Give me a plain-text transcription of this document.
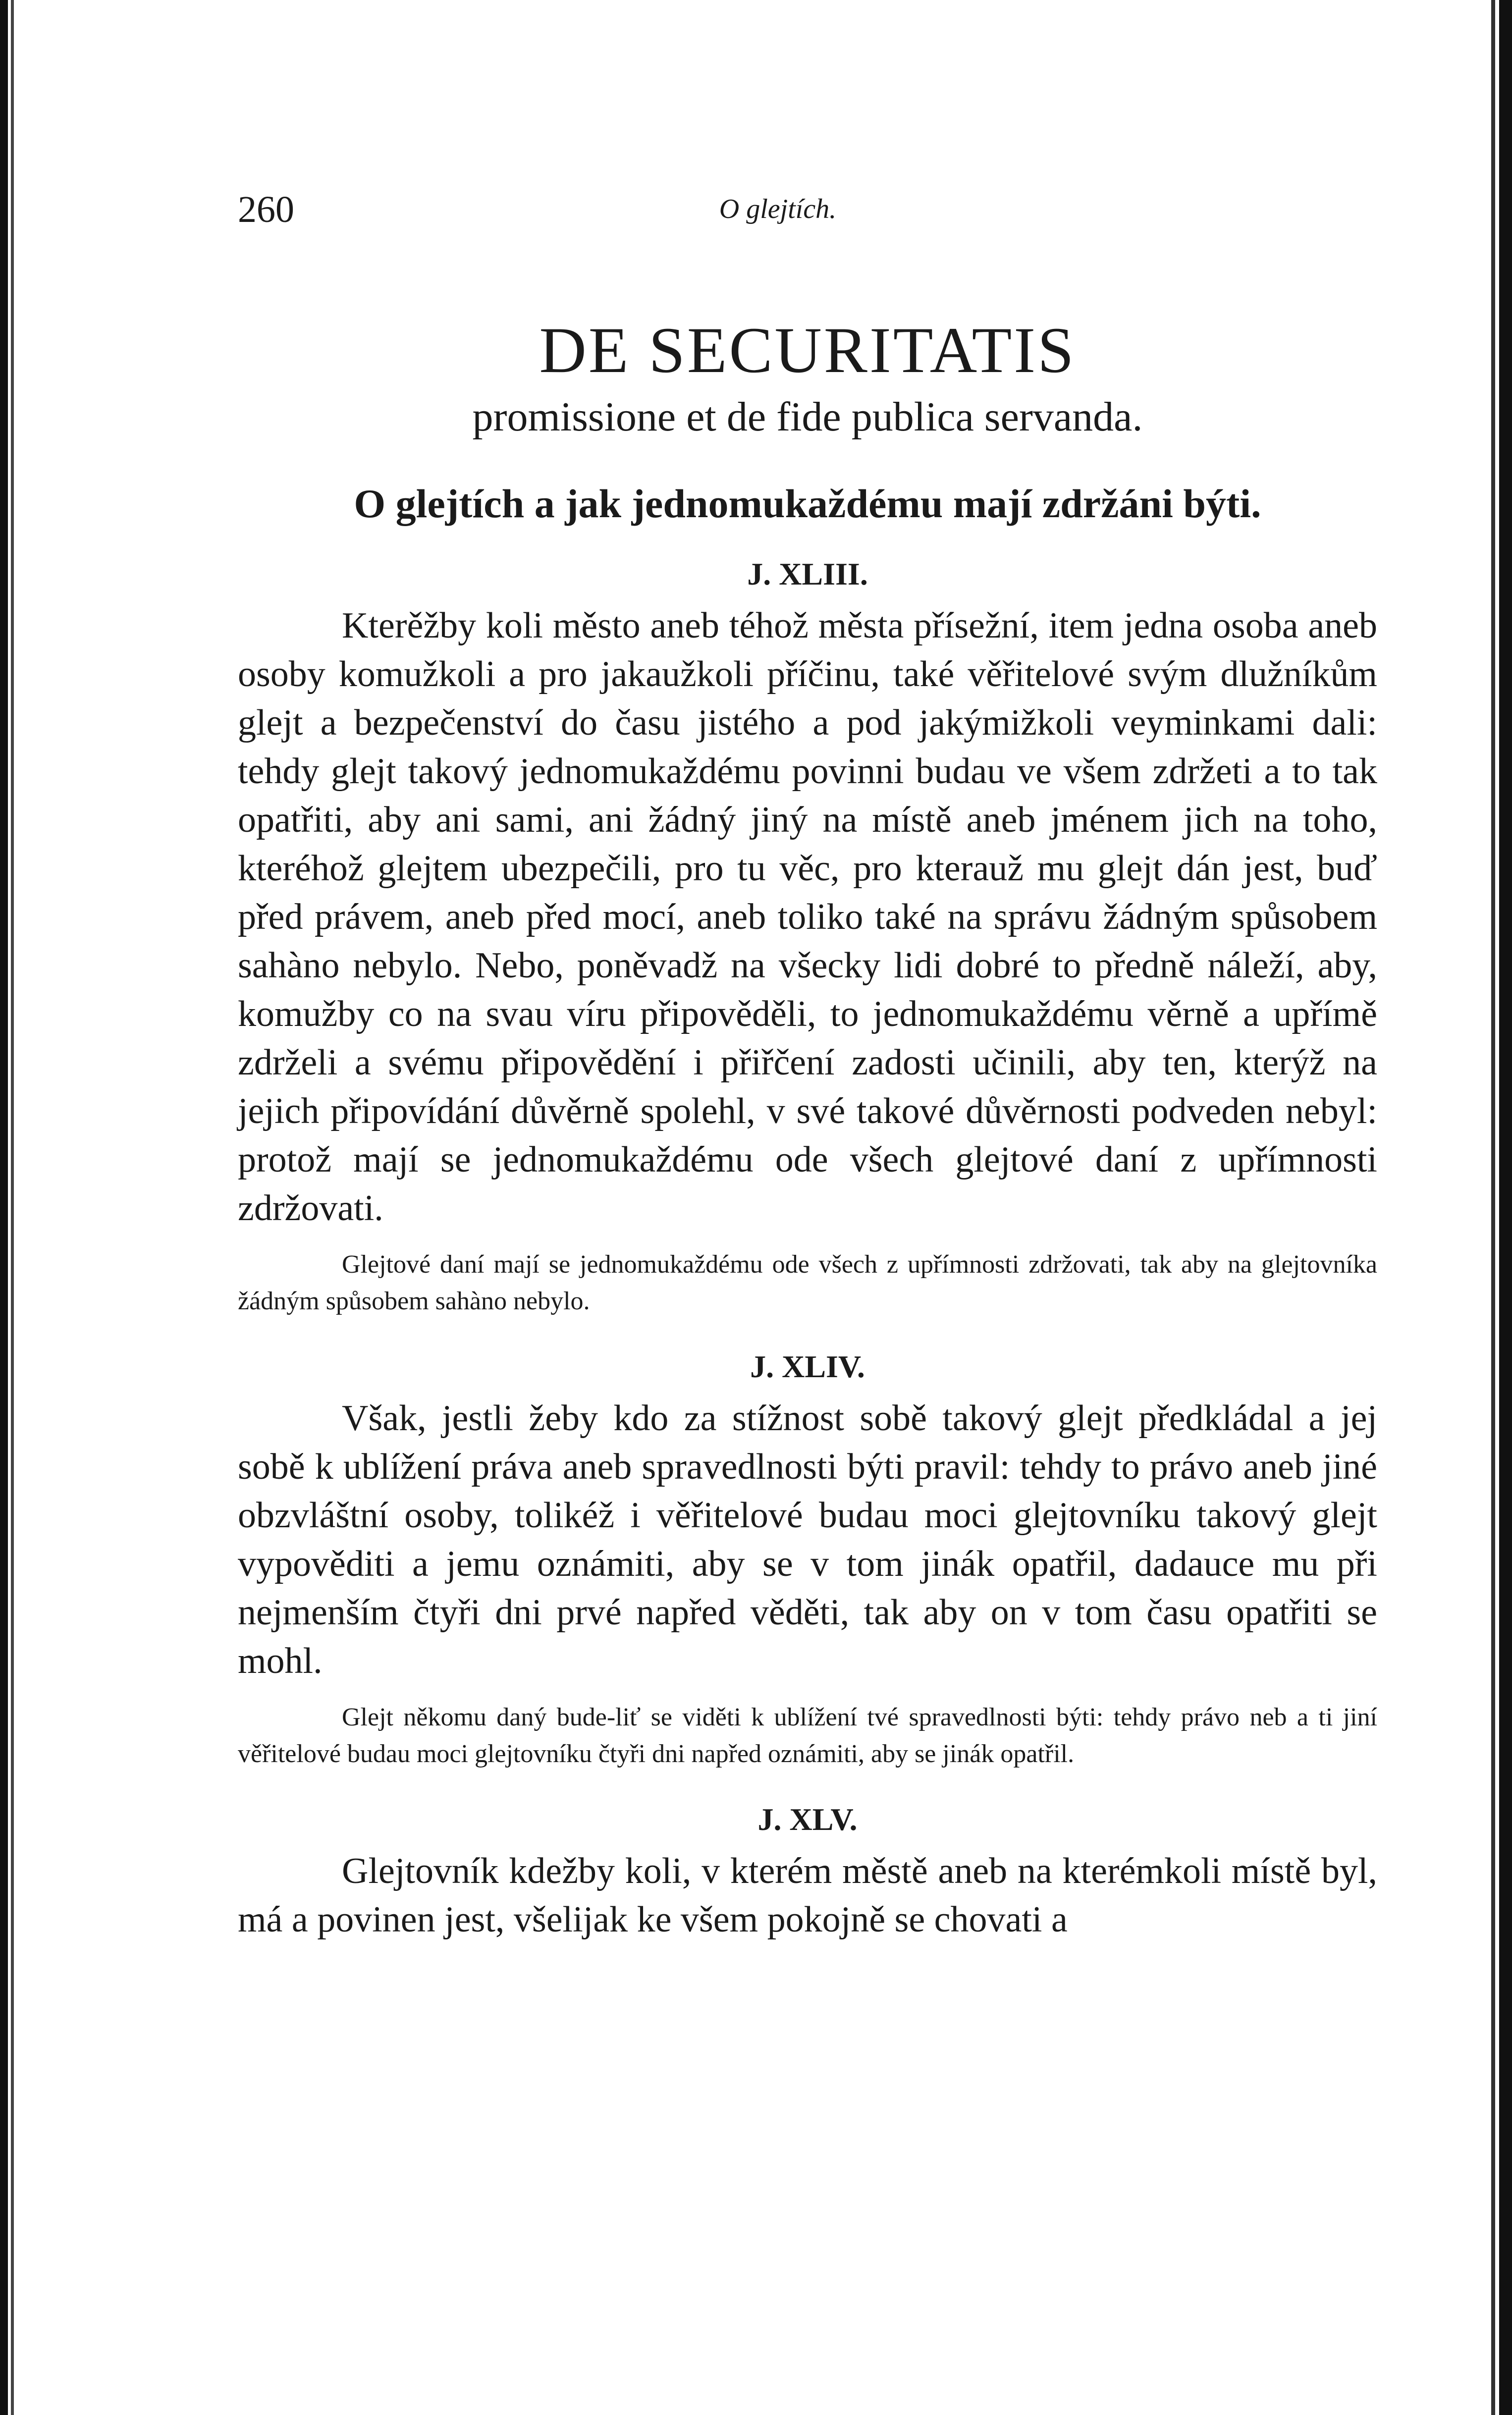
260	O glejtích.
DE SECURITATIS
promissione et de fide publica servanda.
O glejtích a jak jednomukaždému mají zdržáni býti.
J. XLIII.

Kterěžby koli město aneb téhož města přísežní, item jedna osoba aneb osoby komužkoli a pro jakaužkoli příčinu, také věřitelové svým dlužníkům glejt a bezpečenství do času jistého a pod jakýmižkoli veyminkami dali: tehdy glejt takový jednomukaždému povinni budau ve všem zdržeti a to tak opatřiti, aby ani sami, ani žádný jiný na místě aneb jménem jich na toho, kteréhož glejtem ubezpečili, pro tu věc, pro kterauž mu glejt dán jest, buď před právem, aneb před mocí, aneb toliko také na správu žádným spůsobem sahàno nebylo. Nebo, poněvadž na všecky lidi dobré to předně náleží, aby, komužby co na svau víru připověděli, to jednomukaždému věrně a upřímě zdrželi a svému připovědění i přiřčení zadosti učinili, aby ten, kterýž na jejich připovídání důvěrně spolehl, v své takové důvěrnosti podveden nebyl: protož mají se jednomukaždému ode všech glejtové daní z upřímnosti zdržovati.

Glejtové daní mají se jednomukaždému ode všech z upřímnosti zdržovati, tak aby na glejtovníka žádným spůsobem sahàno nebylo.

J. XLIV.

Však, jestli žeby kdo za stížnost sobě takový glejt předkládal a jej sobě k ublížení práva aneb spravedlnosti býti pravil: tehdy to právo aneb jiné obzvláštní osoby, tolikéž i věřitelové budau moci glejtovníku takový glejt vypověditi a jemu oznámiti, aby se v tom jinák opatřil, dadauce mu při nejmenším čtyři dni prvé napřed věděti, tak aby on v tom času opatřiti se mohl.

Glejt někomu daný bude-liť se viděti k ublížení tvé spravedlnosti býti: tehdy právo neb a ti jiní věřitelové budau moci glejtovníku čtyři dni napřed oznámiti, aby se jinák opatřil.

J. XLV.

Glejtovník kdežby koli, v kterém městě aneb na kterémkoli místě byl, má a povinen jest, všelijak ke všem pokojně se chovati a
